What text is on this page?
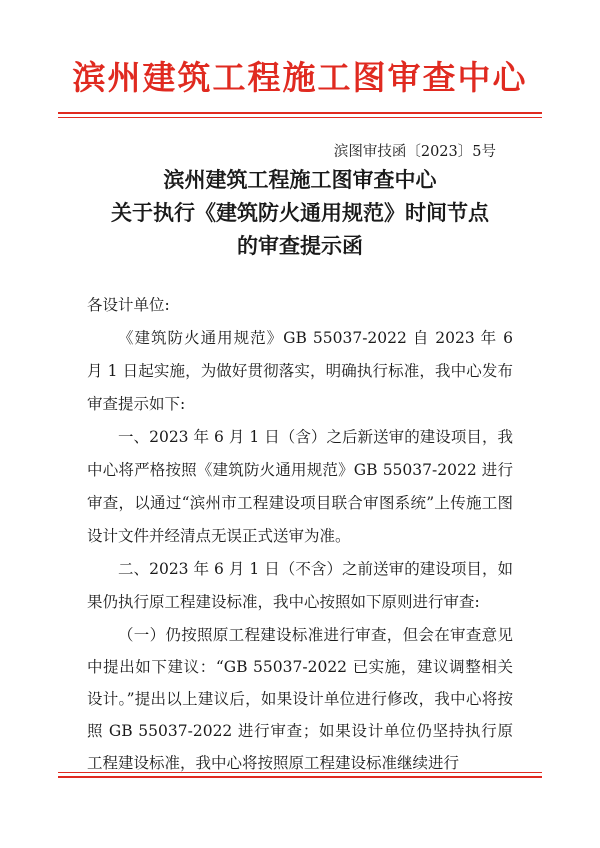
滨州建筑工程施工图审查中心
滨图审技函〔2023〕5号
滨州建筑工程施工图审查中心
关于执行《建筑防火通用规范》时间节点
的审查提示函

各设计单位:

《建筑防火通用规范》GB 55037-2022 自 2023 年 6 月 1 日起实施，为做好贯彻落实，明确执行标准，我中心发布审查提示如下:

一、2023 年 6 月 1 日（含）之后新送审的建设项目，我中心将严格按照《建筑防火通用规范》GB 55037-2022 进行审查，以通过“滨州市工程建设项目联合审图系统”上传施工图设计文件并经清点无误正式送审为准。

二、2023 年 6 月 1 日（不含）之前送审的建设项目，如果仍执行原工程建设标准，我中心按照如下原则进行审查:

（一）仍按照原工程建设标准进行审查，但会在审查意见中提出如下建议：“GB 55037-2022 已实施，建议调整相关设计。”提出以上建议后，如果设计单位进行修改，我中心将按照 GB 55037-2022 进行审查；如果设计单位仍坚持执行原工程建设标准，我中心将按照原工程建设标准继续进行
